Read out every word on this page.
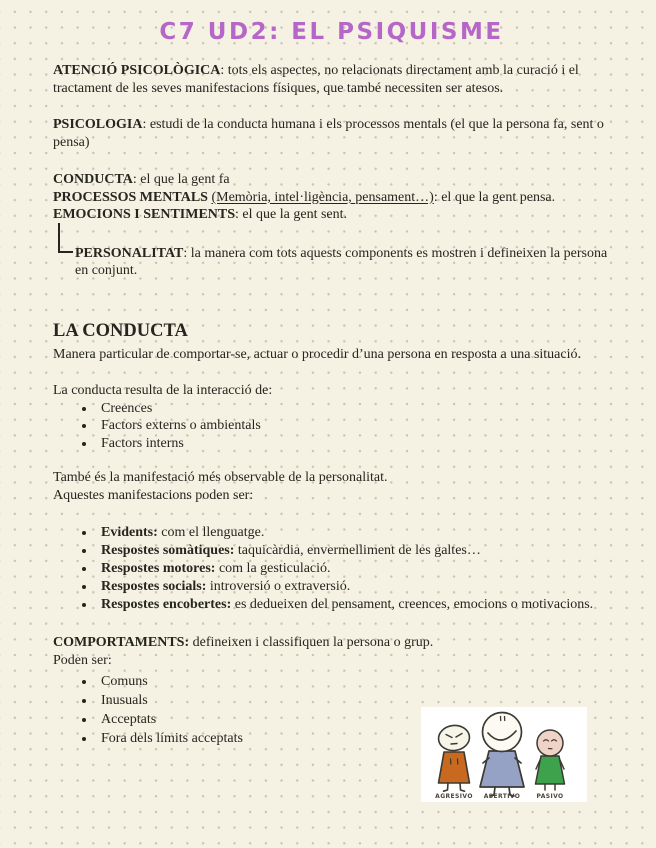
C7 UD2: EL PSIQUISME

ATENCIÓ PSICOLÒGICA: tots els aspectes, no relacionats directament amb la curació i el tractament de les seves manifestacions físiques, que també necessiten ser atesos.

PSICOLOGIA: estudi de la conducta humana i els processos mentals (el que la persona fa, sent o pensa)

CONDUCTA: el que la gent fa

PROCESSOS MENTALS (Memòria, intel·ligència, pensament…): el que la gent pensa.

EMOCIONS I SENTIMENTS: el que la gent sent.

PERSONALITAT: la manera com tots aquests components es mostren i defineixen la persona en conjunt.

LA CONDUCTA

Manera particular de comportar-se, actuar o procedir d’una persona en resposta a una situació.

La conducta resulta de la interacció de:

• Creences
• Factors externs o ambientals
• Factors interns

També és la manifestació més observable de la personalitat.

Aquestes manifestacions poden ser:

• Evidents: com el llenguatge.
• Respostes somàtiques: taquicàrdia, envermelliment de les galtes…
• Respostes motores: com la gesticulació.
• Respostes socials: introversió o extraversió.
• Respostes encobertes: es dedueixen del pensament, creences, emocions o motivacions.

COMPORTAMENTS: defineixen i classifiquen la persona o grup.

Poden ser:

• Comuns
• Inusuals
• Acceptats
• Fora dels límits acceptats
AGRESIVO ASERTIVO	PASIVO
